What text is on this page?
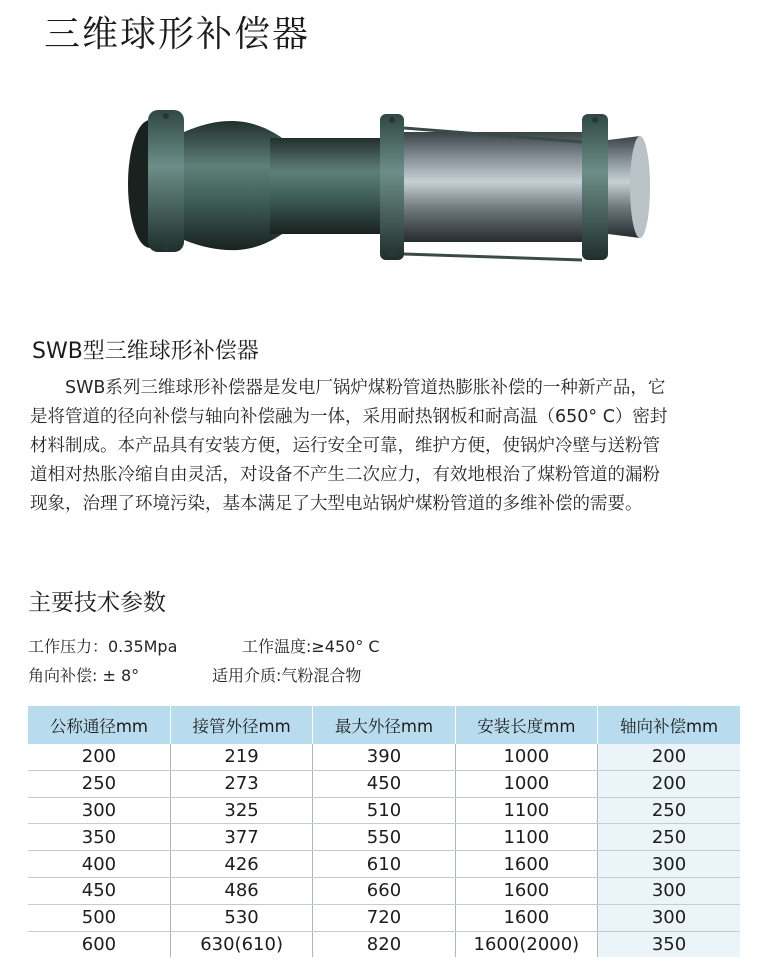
三维球形补偿器
SWB型三维球形补偿器

SWB系列三维球形补偿器是发电厂锅炉煤粉管道热膨胀补偿的一种新产品，它

是将管道的径向补偿与轴向补偿融为一体，采用耐热钢板和耐高温（650° C）密封

材料制成。本产品具有安装方便，运行安全可靠，维护方便，使锅炉冷壁与送粉管

道相对热胀冷缩自由灵活，对设备不产生二次应力，有效地根治了煤粉管道的漏粉

现象，治理了环境污染，基本满足了大型电站锅炉煤粉管道的多维补偿的需要。

主要技术参数
工作压力：0.35Mpa	工作温度:≥450° C
角向补偿: ± 8°	适用介质:气粉混合物
公称通径mm	接管外径mm	最大外径mm	安装长度mm	轴向补偿mm
200	219	390	1000	200
250	273	450	1000	200
300	325	510	1100	250
350	377	550	1100	250
400	426	610	1600	300
450	486	660	1600	300
500	530	720	1600	300
600	630(610)	820	1600(2000)	350
